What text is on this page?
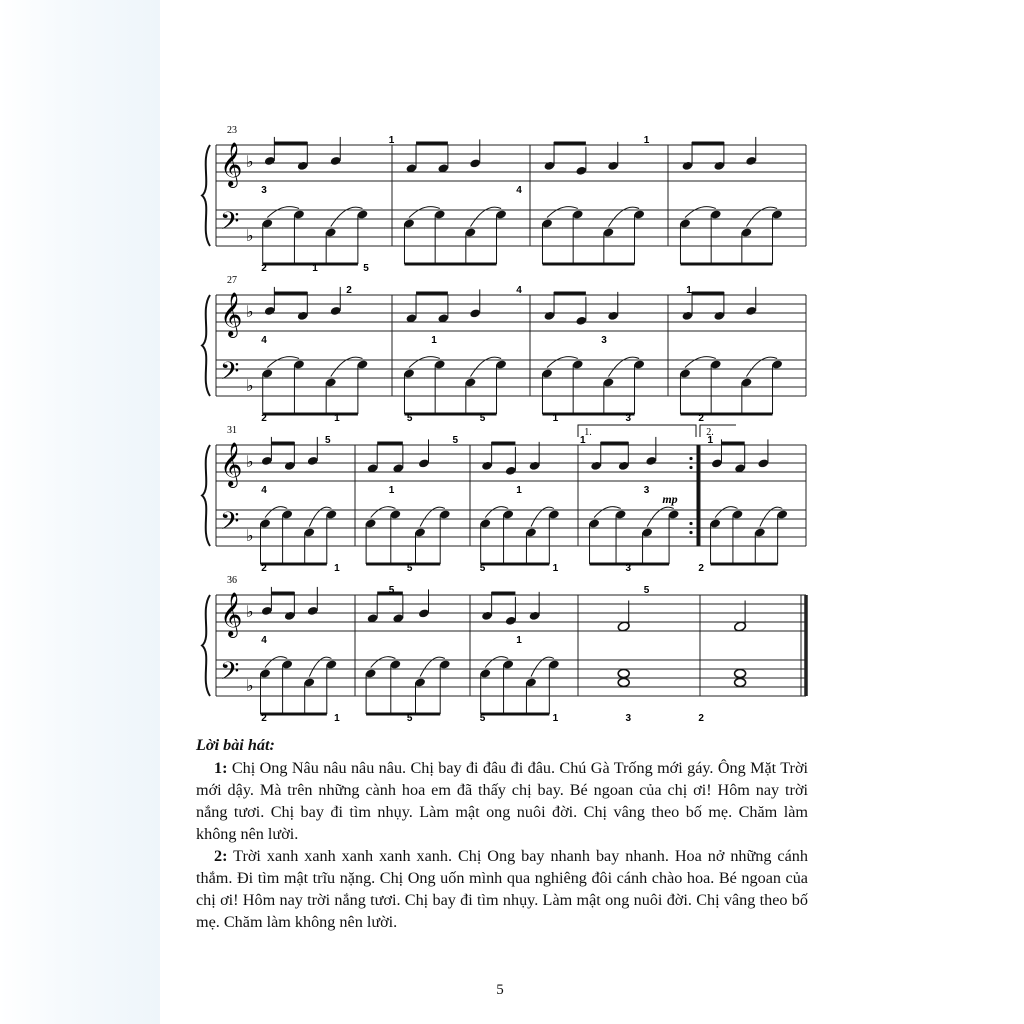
𝄞
𝄢
♭
♭
23
3
1
4
1
2	1	5
𝄞
𝄢
♭
♭
27
4
2
1
4
3
1
2	1	5	5	1	3	2
𝄞
𝄢
♭
♭
31
4
5
1
5
1
1
3
1
2	1	5	5	1	3	2
1.	2.
mp
𝄞
𝄢
♭
♭
36
4
5
1
5
2	1	5	5	1	3	2
Lời bài hát:
1: Chị Ong Nâu nâu nâu nâu. Chị bay đi đâu đi đâu. Chú Gà Trống mới gáy. Ông Mặt Trời mới dậy. Mà trên những cành hoa em đã thấy chị bay. Bé ngoan của chị ơi! Hôm nay trời nắng tươi. Chị bay đi tìm nhụy. Làm mật ong nuôi đời. Chị vâng theo bố mẹ. Chăm làm không nên lười.
2: Trời xanh xanh xanh xanh xanh. Chị Ong bay nhanh bay nhanh. Hoa nở những cánh thắm. Đi tìm mật trĩu nặng. Chị Ong uốn mình qua nghiêng đôi cánh chào hoa. Bé ngoan của chị ơi! Hôm nay trời nắng tươi. Chị bay đi tìm nhụy. Làm mật ong nuôi đời. Chị vâng theo bố mẹ. Chăm làm không nên lười.
5
